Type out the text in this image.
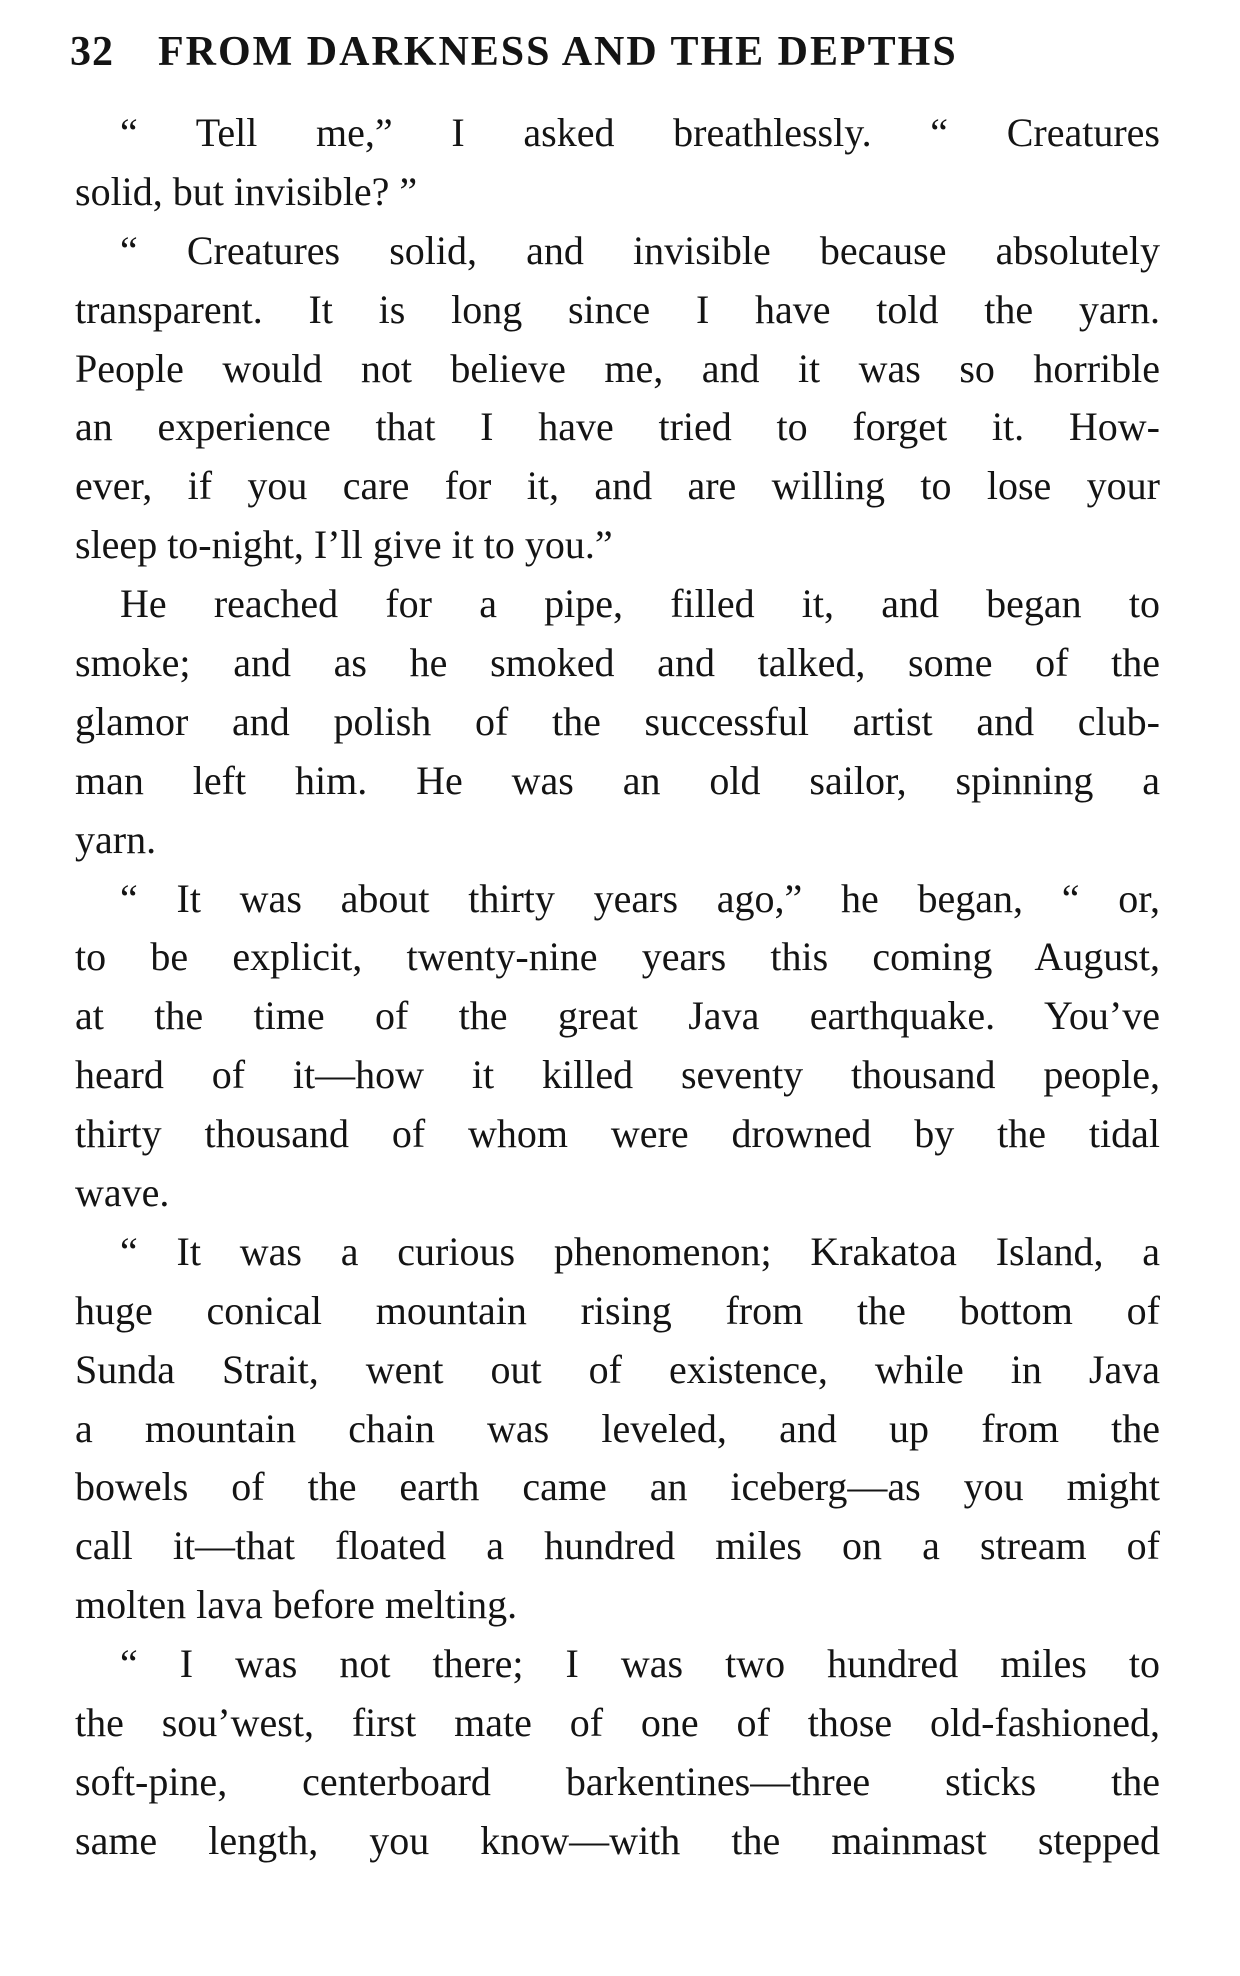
32 FROM DARKNESS AND THE DEPTHS
“ Tell me,” I asked breathlessly. “ Creatures
solid, but invisible? ”
“ Creatures solid, and invisible because absolutely
transparent. It is long since I have told the yarn.
People would not believe me, and it was so horrible
an experience that I have tried to forget it. How-
ever, if you care for it, and are willing to lose your
sleep to-night, I’ll give it to you.”
He reached for a pipe, filled it, and began to
smoke; and as he smoked and talked, some of the
glamor and polish of the successful artist and club-
man left him. He was an old sailor, spinning a
yarn.
“ It was about thirty years ago,” he began, “ or,
to be explicit, twenty-nine years this coming August,
at the time of the great Java earthquake. You’ve
heard of it—how it killed seventy thousand people,
thirty thousand of whom were drowned by the tidal
wave.
“ It was a curious phenomenon; Krakatoa Island, a
huge conical mountain rising from the bottom of
Sunda Strait, went out of existence, while in Java
a mountain chain was leveled, and up from the
bowels of the earth came an iceberg—as you might
call it—that floated a hundred miles on a stream of
molten lava before melting.
“ I was not there; I was two hundred miles to
the sou’west, first mate of one of those old-fashioned,
soft-pine, centerboard barkentines—three sticks the
same length, you know—with the mainmast stepped
